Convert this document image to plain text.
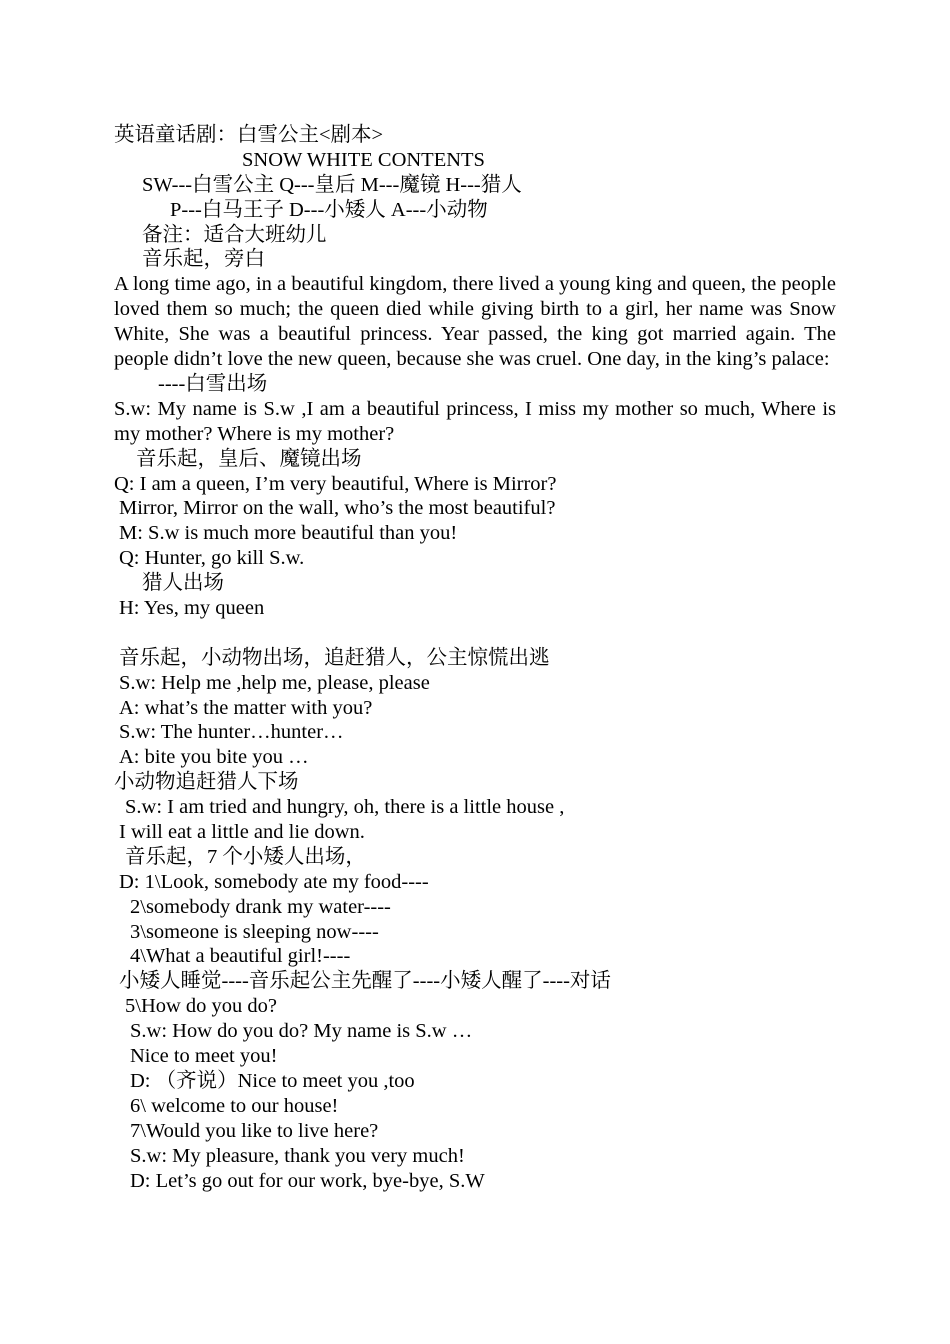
英语童话剧：白雪公主<剧本>
SNOW WHITE CONTENTS
SW---白雪公主 Q---皇后 M---魔镜 H---猎人
P---白马王子 D---小矮人 A---小动物
备注：适合大班幼儿
音乐起，旁白
A long time ago, in a beautiful kingdom, there lived a young king and queen, the people loved them so much; the queen died while giving birth to a girl, her name was Snow White, She was a beautiful princess. Year passed, the king got married again. The people didn’t love the new queen, because she was cruel. One day, in the king’s palace:
----白雪出场
S.w: My name is S.w ,I am a beautiful princess, I miss my mother so much, Where is my mother? Where is my mother?
音乐起，皇后、魔镜出场
Q: I am a queen, I’m very beautiful, Where is Mirror?
Mirror, Mirror on the wall, who’s the most beautiful?
M: S.w is much more beautiful than you!
Q: Hunter, go kill S.w.
猎人出场
H: Yes, my queen
音乐起，小动物出场，追赶猎人，公主惊慌出逃
S.w: Help me ,help me, please, please
A: what’s the matter with you?
S.w: The hunter…hunter…
A: bite you bite you …
小动物追赶猎人下场
S.w: I am tried and hungry, oh, there is a little house ,
I will eat a little and lie down.
音乐起，7 个小矮人出场，
D: 1\Look, somebody ate my food----
2\somebody drank my water----
3\someone is sleeping now----
4\What a beautiful girl!----
小矮人睡觉----音乐起公主先醒了----小矮人醒了----对话
5\How do you do?
S.w: How do you do? My name is S.w …
Nice to meet you!
D: （齐说）Nice to meet you ,too
6\ welcome to our house!
7\Would you like to live here?
S.w: My pleasure, thank you very much!
D: Let’s go out for our work, bye-bye, S.W
